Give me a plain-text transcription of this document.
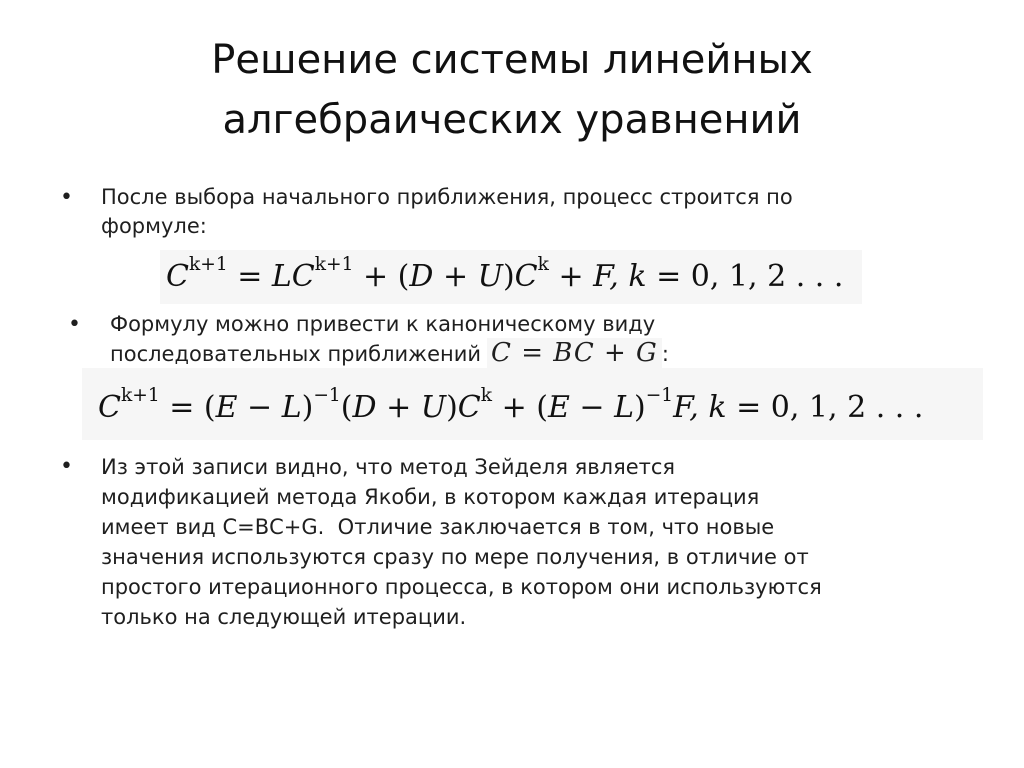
Решение системы линейных
алгебраических уравнений
• После выбора начального приближения, процесс строится по
формуле:
$C^{k+1} = LC^{k+1} + (D + U)C^k + F$, k = 0, 1, 2 . . .
• Формулу можно привести к каноническому виду
последовательных приближений C = BC + G :
$C^{k+1} = (E - L)^{-1}(D + U)C^k + (E - L)^{-1}F$, k = 0, 1, 2 . . .
• Из этой записи видно, что метод Зейделя является
модификацией метода Якоби, в котором каждая итерация
имеет вид С=ВС+G.  Отличие заключается в том, что новые
значения используются сразу по мере получения, в отличие от
простого итерационного процесса, в котором они используются
только на следующей итерации.
